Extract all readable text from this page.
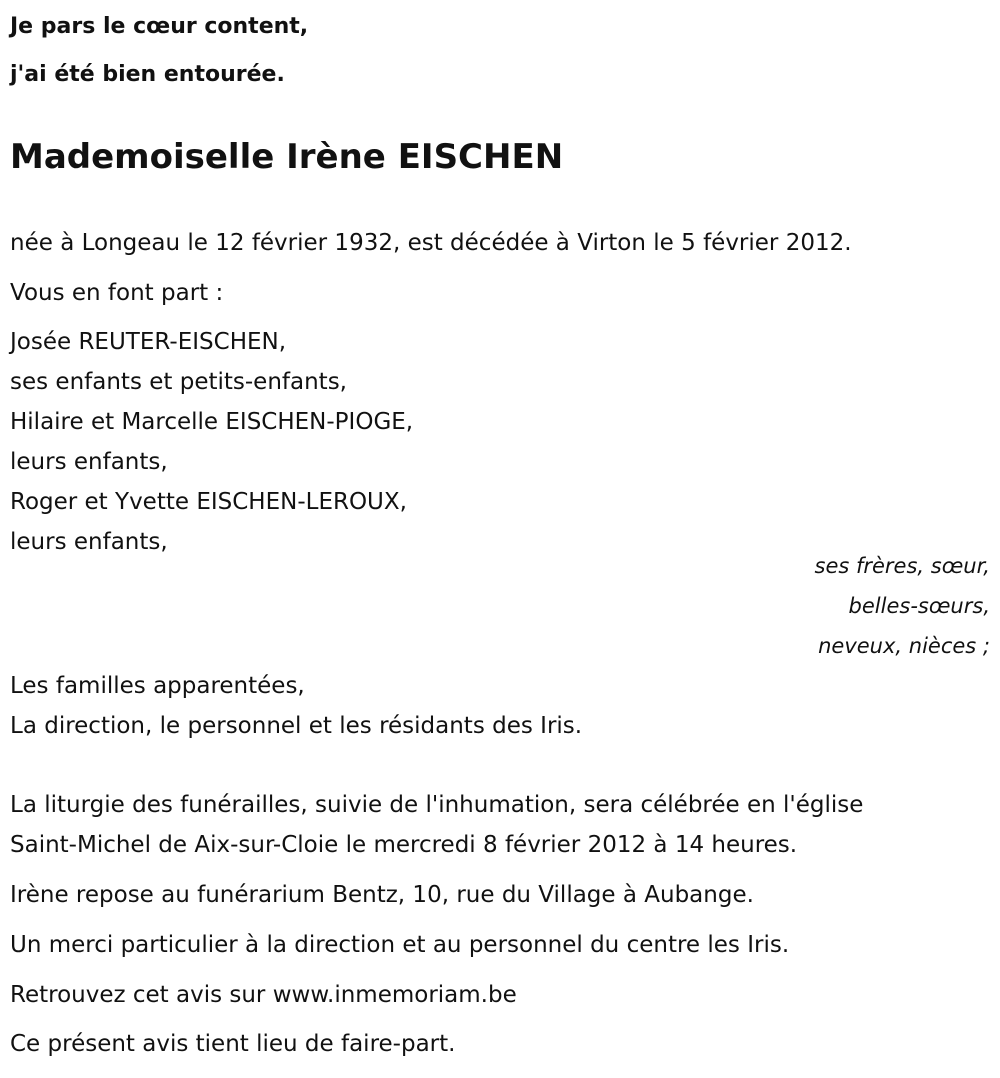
Je pars le cœur content,
j'ai été bien entourée.
Mademoiselle Irène EISCHEN
née à Longeau le 12 février 1932, est décédée à Virton le 5 février 2012.
Vous en font part :
Josée REUTER-EISCHEN,
ses enfants et petits-enfants,
Hilaire et Marcelle EISCHEN-PIOGE,
leurs enfants,
Roger et Yvette EISCHEN-LEROUX,
leurs enfants,
ses frères, sœur,
belles-sœurs,
neveux, nièces ;
Les familles apparentées,
La direction, le personnel et les résidants des Iris.
La liturgie des funérailles, suivie de l'inhumation, sera célébrée en l'église
Saint-Michel de Aix-sur-Cloie le mercredi 8 février 2012 à 14 heures.
Irène repose au funérarium Bentz, 10, rue du Village à Aubange.
Un merci particulier à la direction et au personnel du centre les Iris.
Retrouvez cet avis sur www.inmemoriam.be
Ce présent avis tient lieu de faire-part.
